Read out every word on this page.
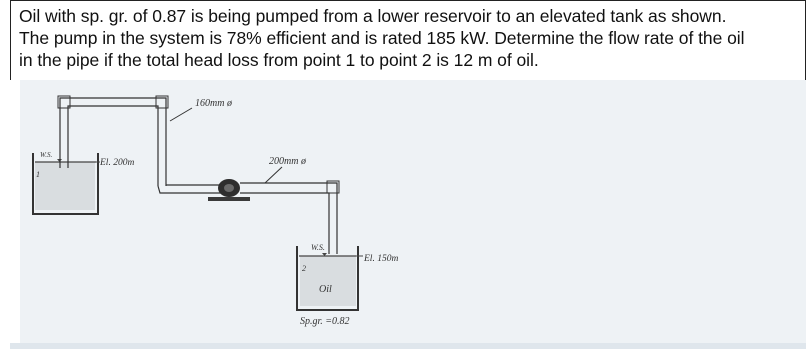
Oil with sp. gr. of 0.87 is being pumped from a lower reservoir to an elevated tank as shown.
The pump in the system is 78% efficient and is rated 185 kW. Determine the flow rate of the oil
in the pipe if the total head loss from point 1 to point 2 is 12 m of oil.
W.S.
El. 200m
1
160mm ø
200mm ø
W.S.
El. 150m
2
Oil
Sp.gr. =0.82
